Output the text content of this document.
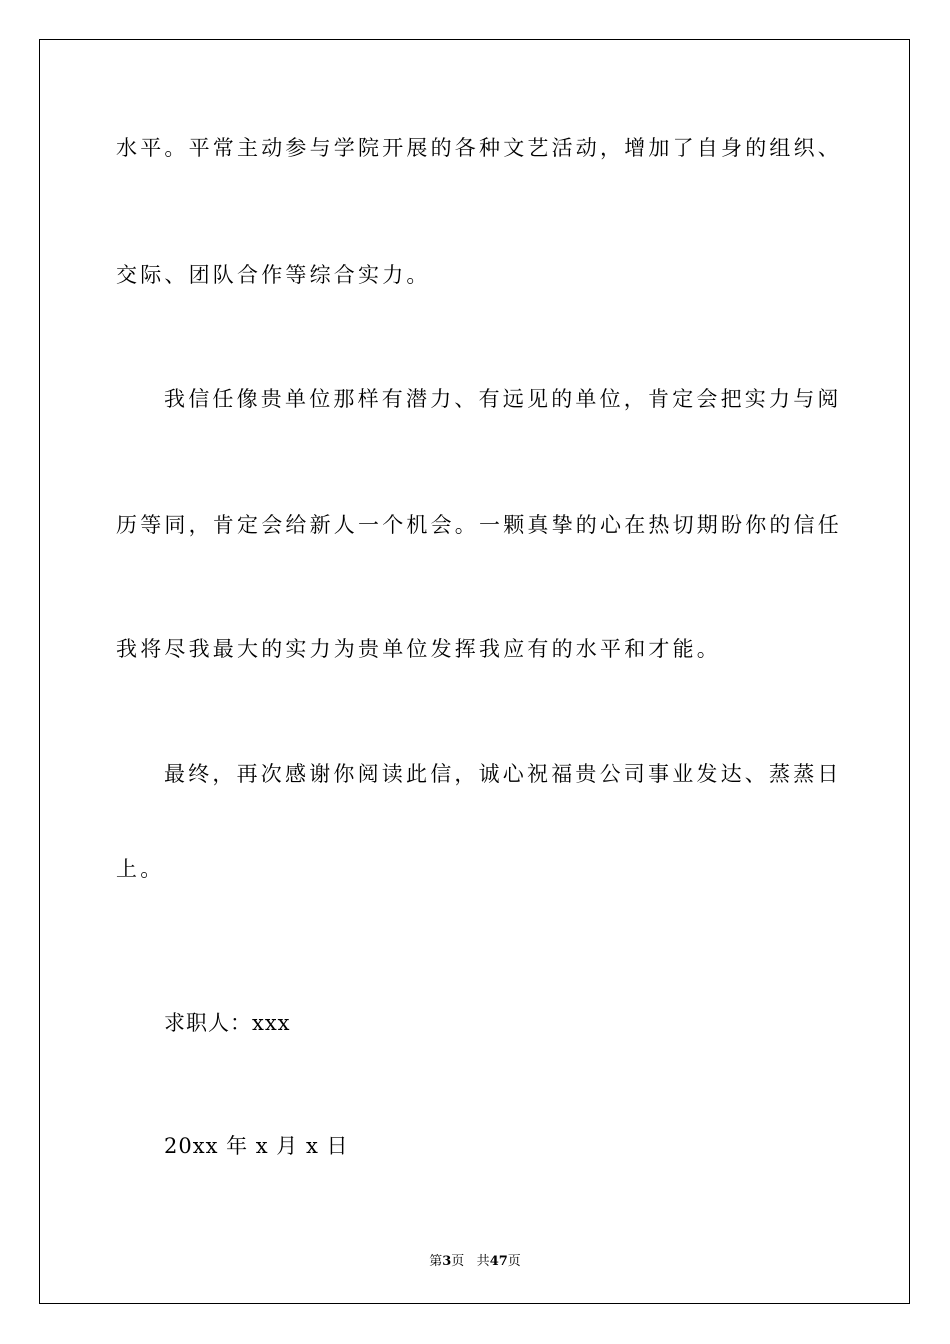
水平。平常主动参与学院开展的各种文艺活动，增加了自身的组织、
交际、团队合作等综合实力。
我信任像贵单位那样有潜力、有远见的单位，肯定会把实力与阅
历等同，肯定会给新人一个机会。一颗真挚的心在热切期盼你的信任
我将尽我最大的实力为贵单位发挥我应有的水平和才能。
最终，再次感谢你阅读此信，诚心祝福贵公司事业发达、蒸蒸日
上。
求职人：xxx
20xx 年 x 月 x 日
第3页 共47页
